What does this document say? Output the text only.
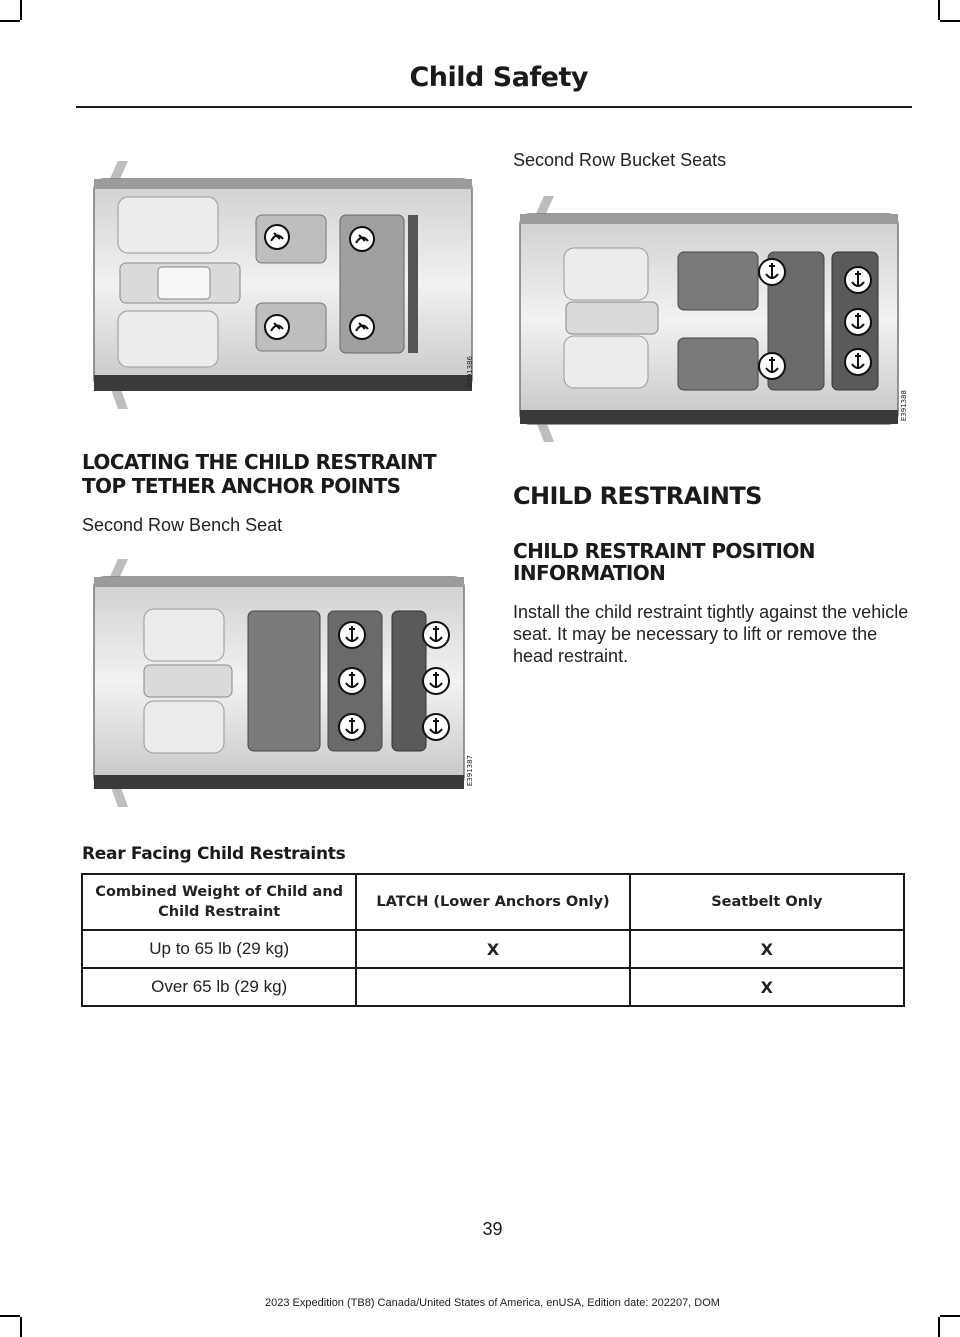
Child Safety
E391386
LOCATING THE CHILD RESTRAINT TOP TETHER ANCHOR POINTS

Second Row Bench Seat

E391387

Second Row Bucket Seats

E391388
CHILD RESTRAINTS
CHILD RESTRAINT POSITION INFORMATION

Install the child restraint tightly against the vehicle seat. It may be necessary to lift or remove the head restraint.

Rear Facing Child Restraints

Combined Weight of Child and Child Restraint	LATCH (Lower Anchors Only)	Seatbelt Only
Up to 65 lb (29 kg)	X	X
Over 65 lb (29 kg)		X
39
2023 Expedition (TB8) Canada/United States of America, enUSA, Edition date: 202207, DOM
